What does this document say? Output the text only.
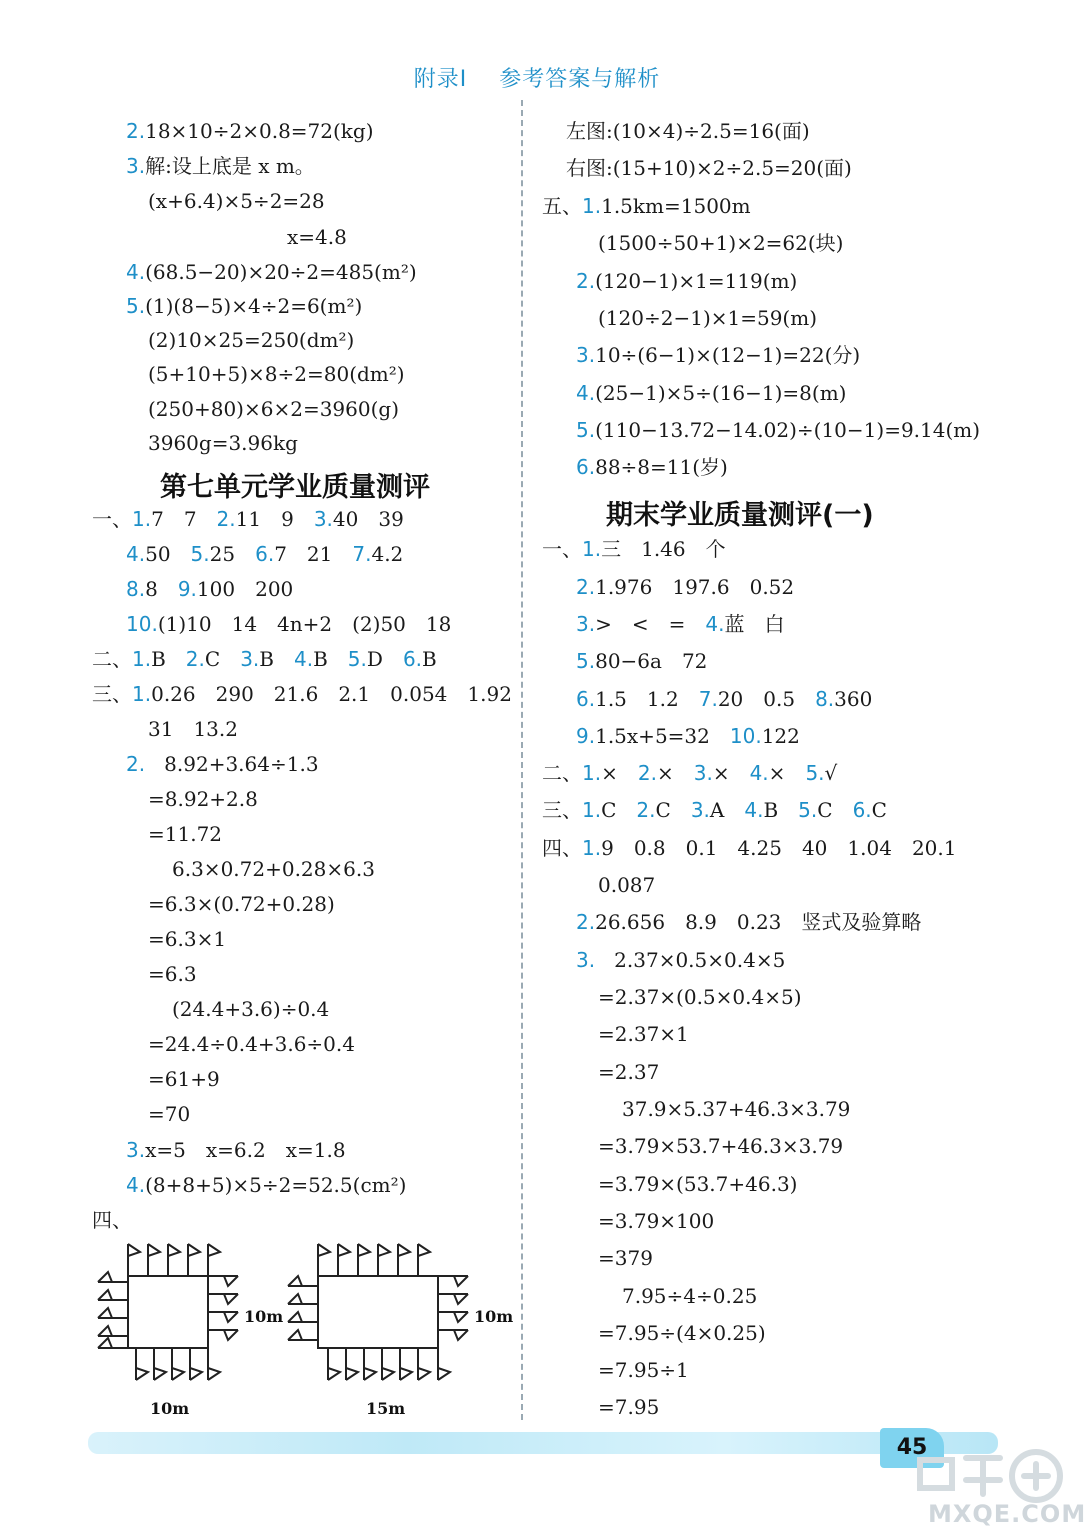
附录Ⅰ 参考答案与解析
2.18×10÷2×0.8=72(kg)
3.解:设上底是 x m。
(x+6.4)×5÷2=28
x=4.8
4.(68.5−20)×20÷2=485(m²)
5.(1)(8−5)×4÷2=6(m²)
(2)10×25=250(dm²)
(5+10+5)×8÷2=80(dm²)
(250+80)×6×2=3960(g)
3960g=3.96kg
第七单元学业质量测评
一、1.7　7　 2.11　9　 3.40　39
4.50　 5.25　 6.7　21　 7.4.2
8.8　 9.100　200
10.(1)10　14　4n+2　(2)50　18
二、1.B　 2.C　 3.B　 4.B　 5.D　 6.B
三、1.0.26　290　21.6　2.1　0.054　1.92
31　13.2
2. 8.92+3.64÷1.3
=8.92+2.8
=11.72
6.3×0.72+0.28×6.3
=6.3×(0.72+0.28)
=6.3×1
=6.3
(24.4+3.6)÷0.4
=24.4÷0.4+3.6÷0.4
=61+9
=70
3.x=5　x=6.2　x=1.8
4.(8+8+5)×5÷2=52.5(cm²)
四、
10m
10m
10m
15m
左图:(10×4)÷2.5=16(面)
右图:(15+10)×2÷2.5=20(面)
五、1.1.5km=1500m
(1500÷50+1)×2=62(块)
2.(120−1)×1=119(m)
(120÷2−1)×1=59(m)
3.10÷(6−1)×(12−1)=22(分)
4.(25−1)×5÷(16−1)=8(m)
5.(110−13.72−14.02)÷(10−1)=9.14(m)
6.88÷8=11(岁)
期末学业质量测评(一)
一、1.三　1.46　个
2.1.976　197.6　0.52
3.>　<　=　 4.蓝　白
5.80−6a　72
6.1.5　1.2　 7.20　0.5　 8.360
9.1.5x+5=32　 10.122
二、1.×　 2.×　 3.×　 4.×　 5.√
三、1.C　 2.C　 3.A　 4.B　 5.C　 6.C
四、1.9　0.8　0.1　4.25　40　1.04　20.1
0.087
2.26.656　8.9　0.23　竖式及验算略
3. 2.37×0.5×0.4×5
=2.37×(0.5×0.4×5)
=2.37×1
=2.37
37.9×5.37+46.3×3.79
=3.79×53.7+46.3×3.79
=3.79×(53.7+46.3)
=3.79×100
=379
7.95÷4÷0.25
=7.95÷(4×0.25)
=7.95÷1
=7.95
45
MXQE.COM
